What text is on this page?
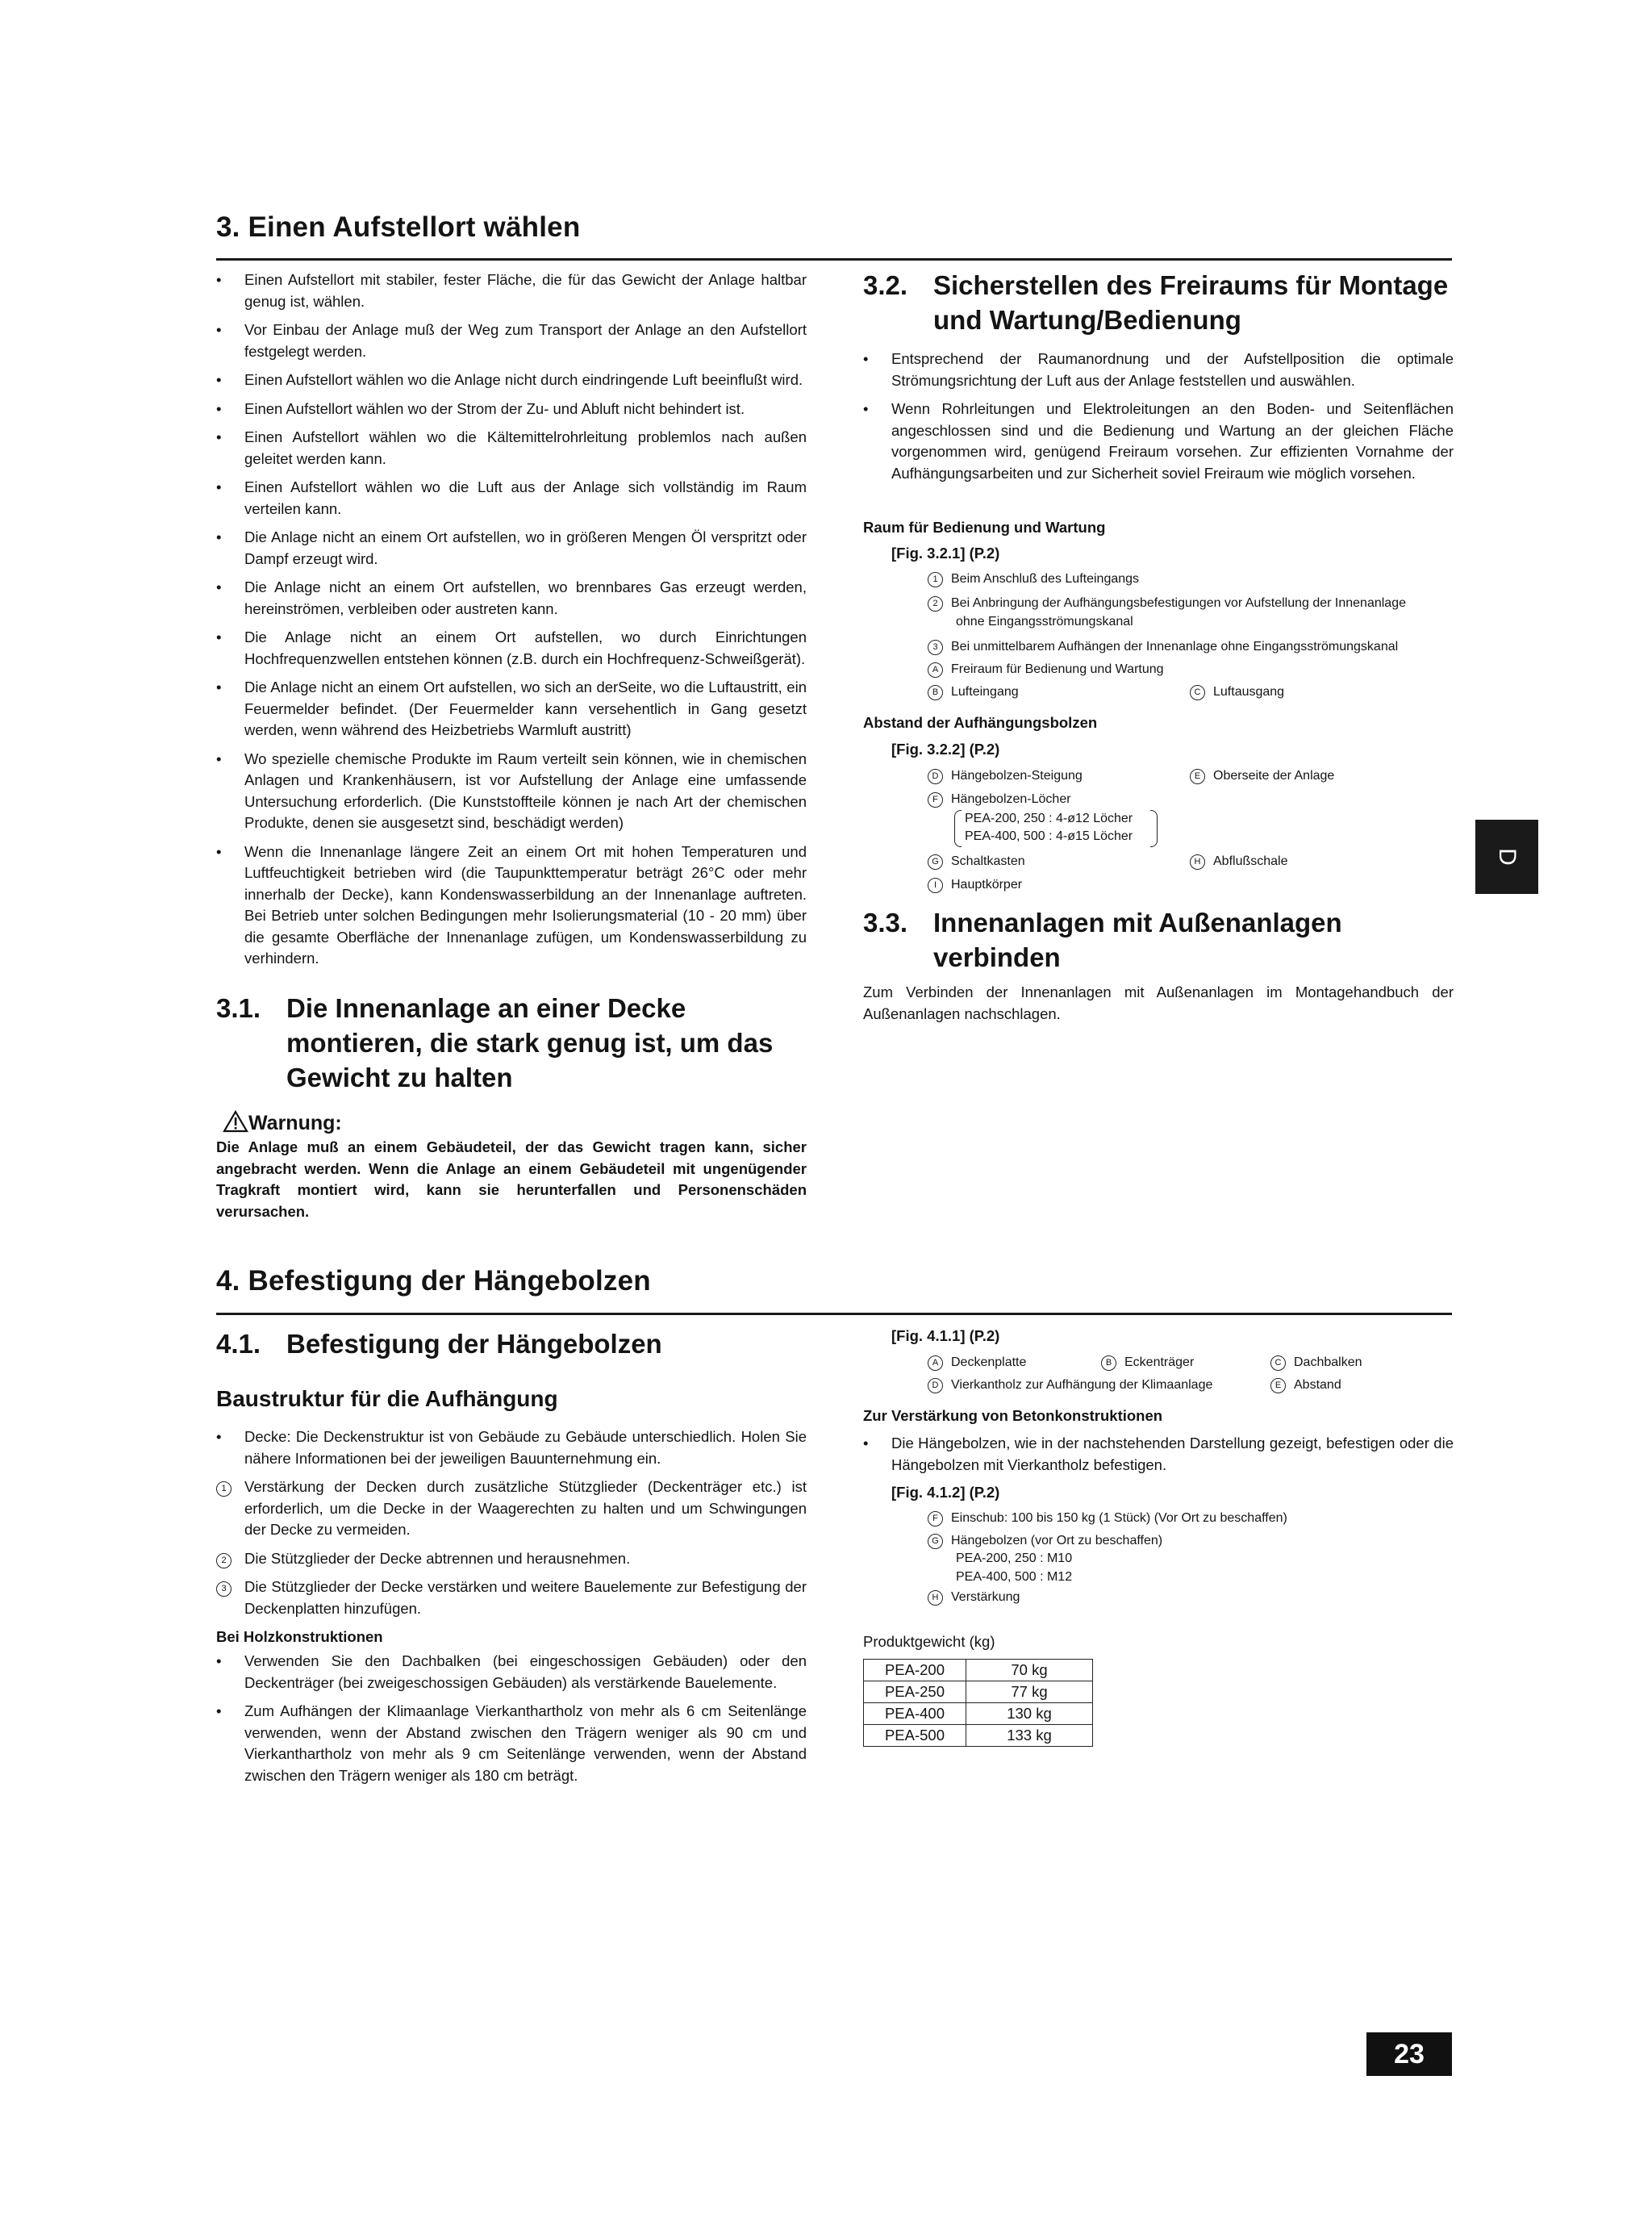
3. Einen Aufstellort wählen
• Einen Aufstellort mit stabiler, fester Fläche, die für das Gewicht der Anlage haltbar genug ist, wählen.
• Vor Einbau der Anlage muß der Weg zum Transport der Anlage an den Aufstellort festgelegt werden.
• Einen Aufstellort wählen wo die Anlage nicht durch eindringende Luft beeinflußt wird.
• Einen Aufstellort wählen wo der Strom der Zu- und Abluft nicht behindert ist.
• Einen Aufstellort wählen wo die Kältemittelrohrleitung problemlos nach außen geleitet werden kann.
• Einen Aufstellort wählen wo die Luft aus der Anlage sich vollständig im Raum verteilen kann.
• Die Anlage nicht an einem Ort aufstellen, wo in größeren Mengen Öl verspritzt oder Dampf erzeugt wird.
• Die Anlage nicht an einem Ort aufstellen, wo brennbares Gas erzeugt werden, hereinströmen, verbleiben oder austreten kann.
• Die Anlage nicht an einem Ort aufstellen, wo durch Einrichtungen Hochfrequenzwellen entstehen können (z.B. durch ein Hochfrequenz-Schweißgerät).
• Die Anlage nicht an einem Ort aufstellen, wo sich an derSeite, wo die Luftaustritt, ein Feuermelder befindet. (Der Feuermelder kann versehentlich in Gang gesetzt werden, wenn während des Heizbetriebs Warmluft austritt)
• Wo spezielle chemische Produkte im Raum verteilt sein können, wie in chemischen Anlagen und Krankenhäusern, ist vor Aufstellung der Anlage eine umfassende Untersuchung erforderlich. (Die Kunststoffteile können je nach Art der chemischen Produkte, denen sie ausgesetzt sind, beschädigt werden)
• Wenn die Innenanlage längere Zeit an einem Ort mit hohen Temperaturen und Luftfeuchtigkeit betrieben wird (die Taupunkttemperatur beträgt 26°C oder mehr innerhalb der Decke), kann Kondenswasserbildung an der Innenanlage auftreten. Bei Betrieb unter solchen Bedingungen mehr Isolierungsmaterial (10 - 20 mm) über die gesamte Oberfläche der Innenanlage zufügen, um Kondenswasserbildung zu verhindern.
3.1. Die Innenanlage an einer Decke montieren, die stark genug ist, um das Gewicht zu halten
Warnung:
Die Anlage muß an einem Gebäudeteil, der das Gewicht tragen kann, sicher angebracht werden. Wenn die Anlage an einem Gebäudeteil mit ungenügender Tragkraft montiert wird, kann sie herunterfallen und Personenschäden verursachen.
3.2. Sicherstellen des Freiraums für Montage und Wartung/Bedienung
• Entsprechend der Raumanordnung und der Aufstellposition die optimale Strömungsrichtung der Luft aus der Anlage feststellen und auswählen.
• Wenn Rohrleitungen und Elektroleitungen an den Boden- und Seitenflächen angeschlossen sind und die Bedienung und Wartung an der gleichen Fläche vorgenommen wird, genügend Freiraum vorsehen. Zur effizienten Vornahme der Aufhängungsarbeiten und zur Sicherheit soviel Freiraum wie möglich vorsehen.
Raum für Bedienung und Wartung
[Fig. 3.2.1] (P.2)
1 Beim Anschluß des Lufteingangs
2 Bei Anbringung der Aufhängungsbefestigungen vor Aufstellung der Innenanlage
ohne Eingangsströmungskanal
3 Bei unmittelbarem Aufhängen der Innenanlage ohne Eingangsströmungskanal
A Freiraum für Bedienung und Wartung
B Lufteingang	C Luftausgang
Abstand der Aufhängungsbolzen
[Fig. 3.2.2] (P.2)
D Hängebolzen-Steigung	E Oberseite der Anlage
F Hängebolzen-Löcher
PEA-200, 250 : 4-ø12 Löcher
PEA-400, 500 : 4-ø15 Löcher
G Schaltkasten	H Abflußschale
I Hauptkörper
3.3. Innenanlagen mit Außenanlagen verbinden
Zum Verbinden der Innenanlagen mit Außenanlagen im Montagehandbuch der Außenanlagen nachschlagen.
D
4. Befestigung der Hängebolzen
4.1. Befestigung der Hängebolzen
Baustruktur für die Aufhängung
• Decke: Die Deckenstruktur ist von Gebäude zu Gebäude unterschiedlich. Holen Sie nähere Informationen bei der jeweiligen Bauunternehmung ein.
1	Verstärkung der Decken durch zusätzliche Stützglieder (Deckenträger etc.) ist erforderlich, um die Decke in der Waagerechten zu halten und um Schwingungen der Decke zu vermeiden.
2	Die Stützglieder der Decke abtrennen und herausnehmen.
3	Die Stützglieder der Decke verstärken und weitere Bauelemente zur Befestigung der Deckenplatten hinzufügen.
Bei Holzkonstruktionen
• Verwenden Sie den Dachbalken (bei eingeschossigen Gebäuden) oder den Deckenträger (bei zweigeschossigen Gebäuden) als verstärkende Bauelemente.
• Zum Aufhängen der Klimaanlage Vierkanthartholz von mehr als 6 cm Seitenlänge verwenden, wenn der Abstand zwischen den Trägern weniger als 90 cm und Vierkanthartholz von mehr als 9 cm Seitenlänge verwenden, wenn der Abstand zwischen den Trägern weniger als 180 cm beträgt.
[Fig. 4.1.1] (P.2)
A Deckenplatte	B Eckenträger	C Dachbalken
D Vierkantholz zur Aufhängung der Klimaanlage	E Abstand
Zur Verstärkung von Betonkonstruktionen
• Die Hängebolzen, wie in der nachstehenden Darstellung gezeigt, befestigen oder die Hängebolzen mit Vierkantholz befestigen.
[Fig. 4.1.2] (P.2)
F Einschub: 100 bis 150 kg (1 Stück) (Vor Ort zu beschaffen)
G Hängebolzen (vor Ort zu beschaffen)
PEA-200, 250 : M10
PEA-400, 500 : M12
H Verstärkung
Produktgewicht (kg)
PEA-200	70 kg
PEA-250	77 kg
PEA-400	130 kg
PEA-500	133 kg
23
